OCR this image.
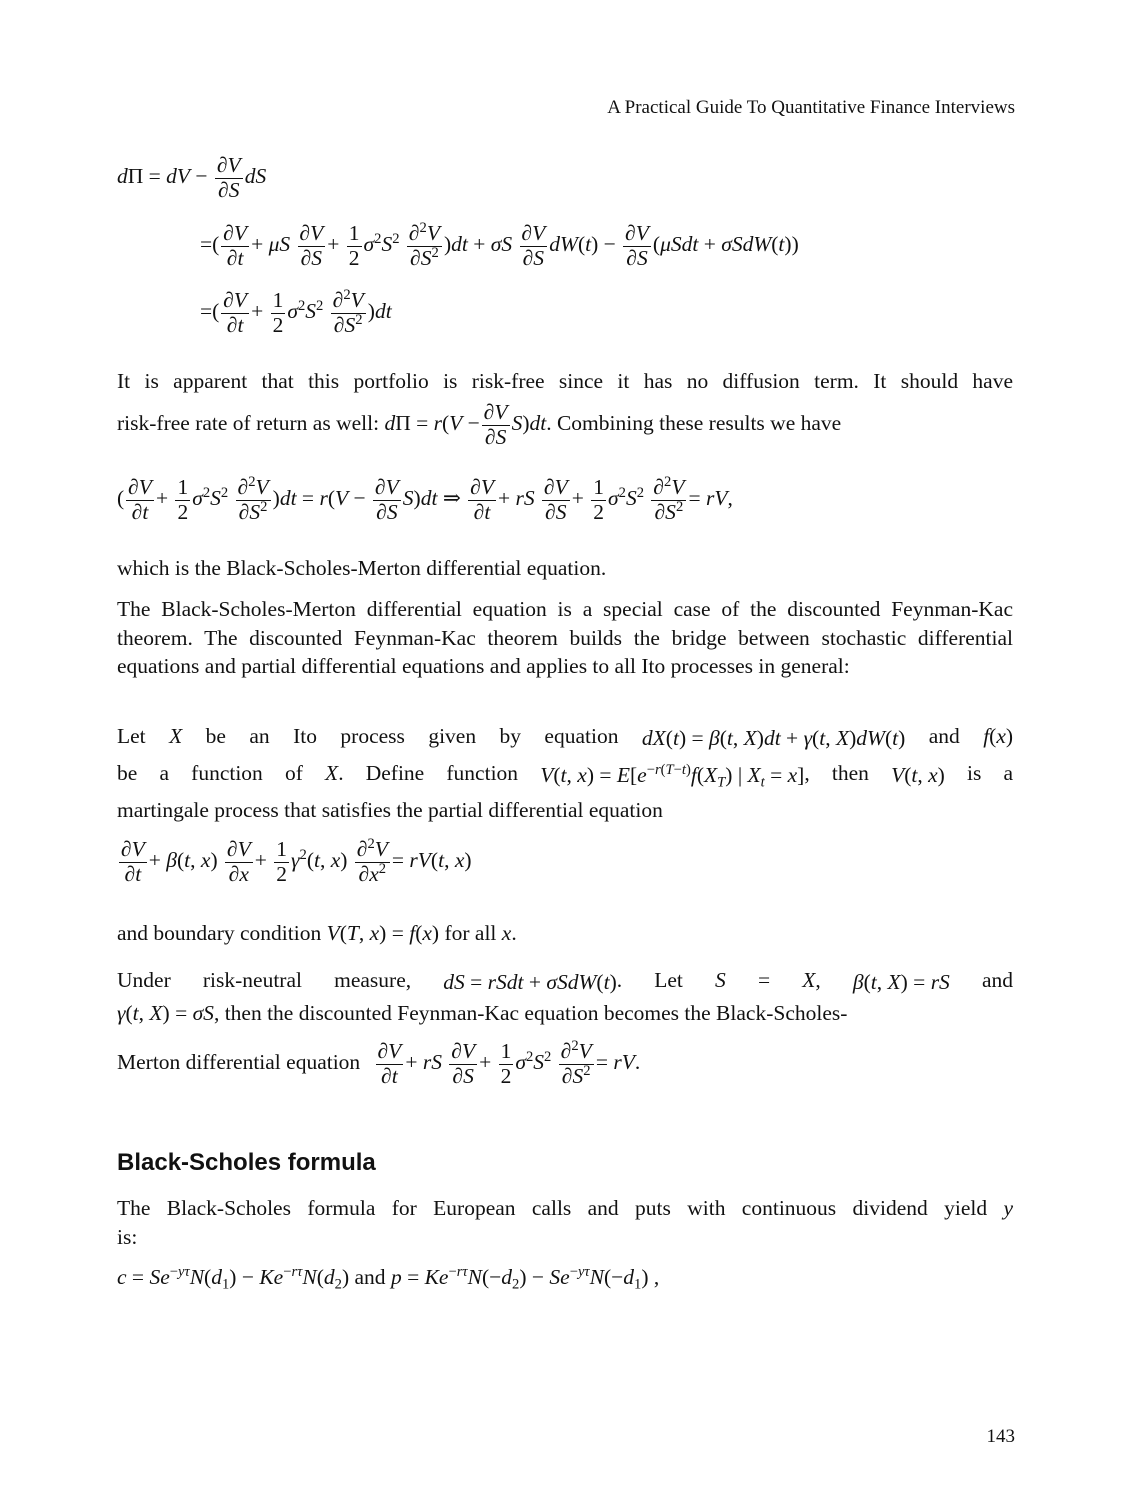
A Practical Guide To Quantitative Finance Interviews
dΠ = dV − $\frac{\partial V}{\partial S}$ dS
=( $\frac{\partial V}{\partial t} + \mu S \frac{\partial V}{\partial S} + \frac{1}{2} \sigma^2S^2 \frac{\partial^2V}{\partial S^2} )dt + \sigma S \frac{\partial V}{\partial S} dW(t) - \frac{\partial V}{\partial S} (\mu Sdt + \sigma SdW(t))$
=( $\frac{\partial V}{\partial t} + \frac{1}{2} \sigma^2S^2 \frac{\partial^2V}{\partial S^2} )dt$
It is apparent that this portfolio is risk-free since it has no diffusion term. It should have
risk-free rate of return as well: $d\Pi = r(V - \frac{\partial V}{\partial S} S)dt$. Combining these results we have
( $\frac{\partial V}{\partial t} + \frac{1}{2} \sigma^2S^2 \frac{\partial^2V}{\partial S^2} )dt = r(V - \frac{\partial V}{\partial S} S)dt$ ⇒ $\frac{\partial V}{\partial t}$ + rS $\frac{\partial V}{\partial S} + \frac{1}{2} \sigma^2S^2 \frac{\partial^2V}{\partial S^2}$ = rV,
which is the Black-Scholes-Merton differential equation.
The Black-Scholes-Merton differential equation is a special case of the discounted Feynman-Kac theorem. The discounted Feynman-Kac theorem builds the bridge between stochastic differential equations and partial differential equations and applies to all Ito processes in general:
Let X be an Ito process given by equation dX(t) = β(t, X)dt + γ(t, X)dW(t) and f(x)
be a function of X. Define function V(t, $x) = E[e^{-r(T-t)}f(X_T)$ | $X_t = x$], then V(t, x) is a
martingale process that satisfies the partial differential equation
$\frac{\partial V}{\partial t} + \beta(t$, $x) \frac{\partial V}{\partial x} + \frac{1}{2} \gamma^2(t$, $x) \frac{\partial^2V}{\partial x^2} = rV(t$, x)
and boundary condition V(T, x) = f(x) for all x.
Under risk-neutral measure, dS = rSdt + σSdW(t). Let S = X, β(t, X) = rS and
γ(t, X) = σS, then the discounted Feynman-Kac equation becomes the Black-Scholes-
Merton differential equation $\frac{\partial V}{\partial t}$ + rS $\frac{\partial V}{\partial S} + \frac{1}{2} \sigma^2S^2 \frac{\partial^2V}{\partial S^2}$ = rV.
Black-Scholes formula
The Black-Scholes formula for European calls and puts with continuous dividend yield y
is:
$c = Se^{-y\tau}N(d_1) - Ke^{-r\tau}N(d_2)$ and $p = Ke^{-r\tau}N(-d_2) - Se^{-y\tau}N(-d_1)$ ,
143
